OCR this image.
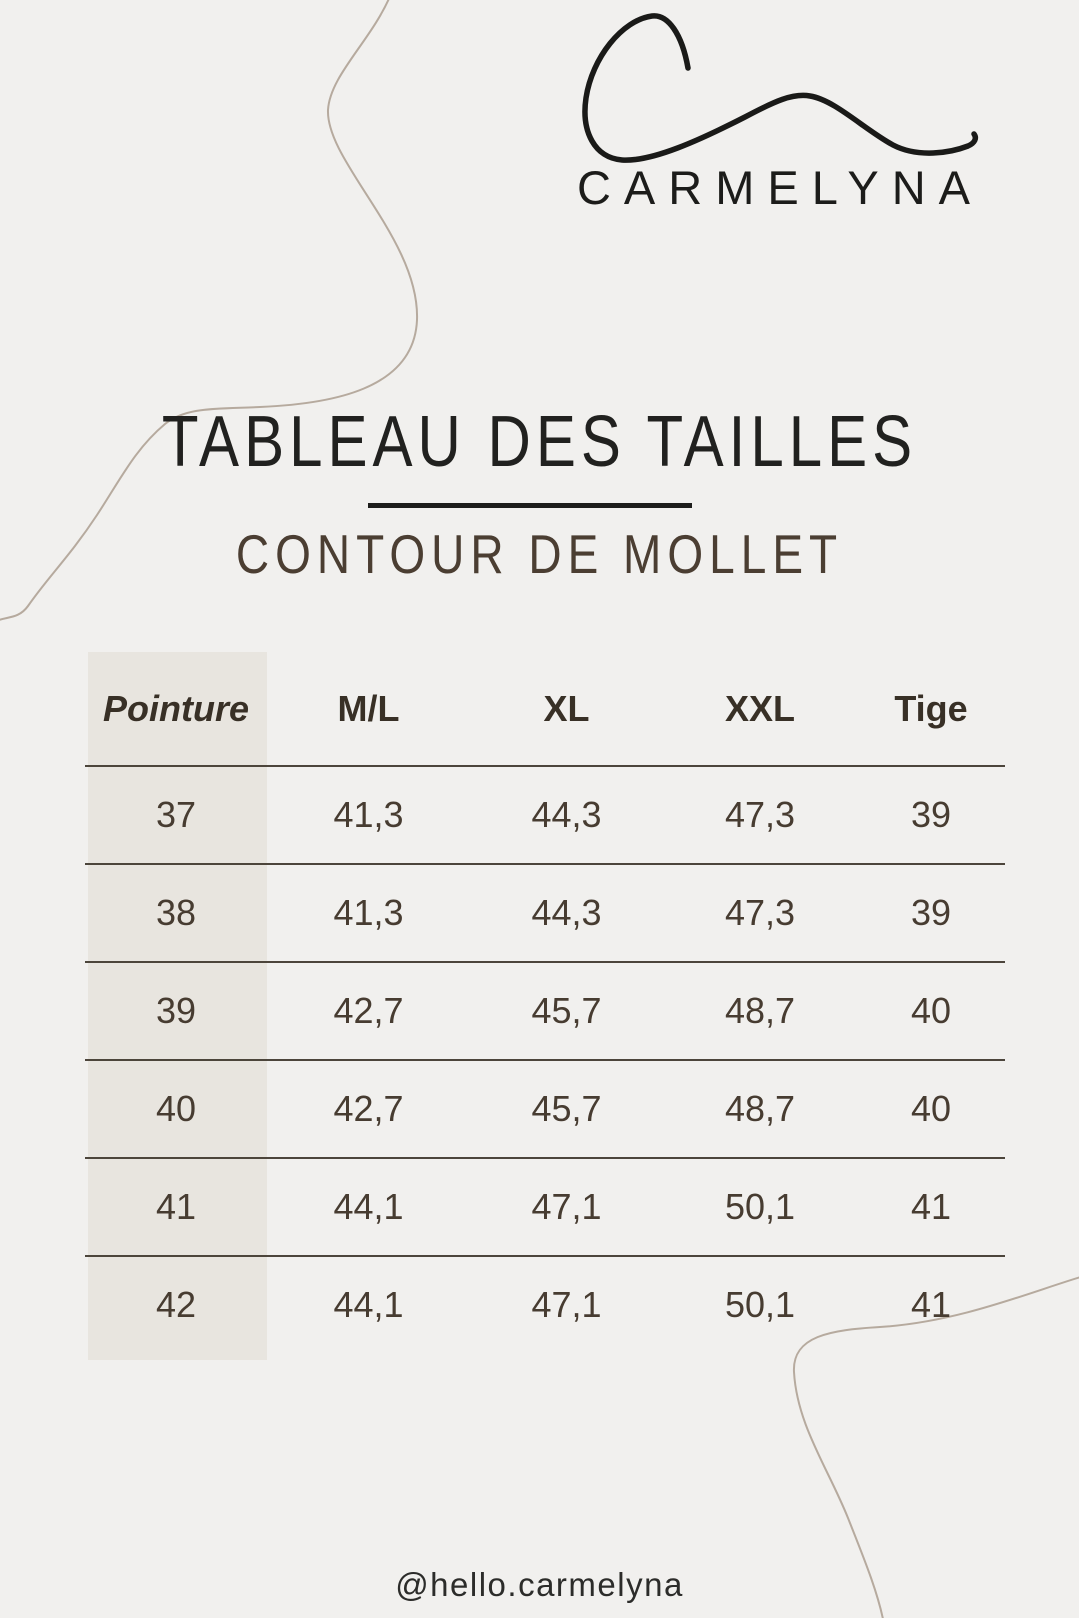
CARMELYNA
TABLEAU DES TAILLES
CONTOUR DE MOLLET
Pointure	M/L	XL	XXL	Tige
37	41,3	44,3	47,3	39
38	41,3	44,3	47,3	39
39	42,7	45,7	48,7	40
40	42,7	45,7	48,7	40
41	44,1	47,1	50,1	41
42	44,1	47,1	50,1	41
@hello.carmelyna
